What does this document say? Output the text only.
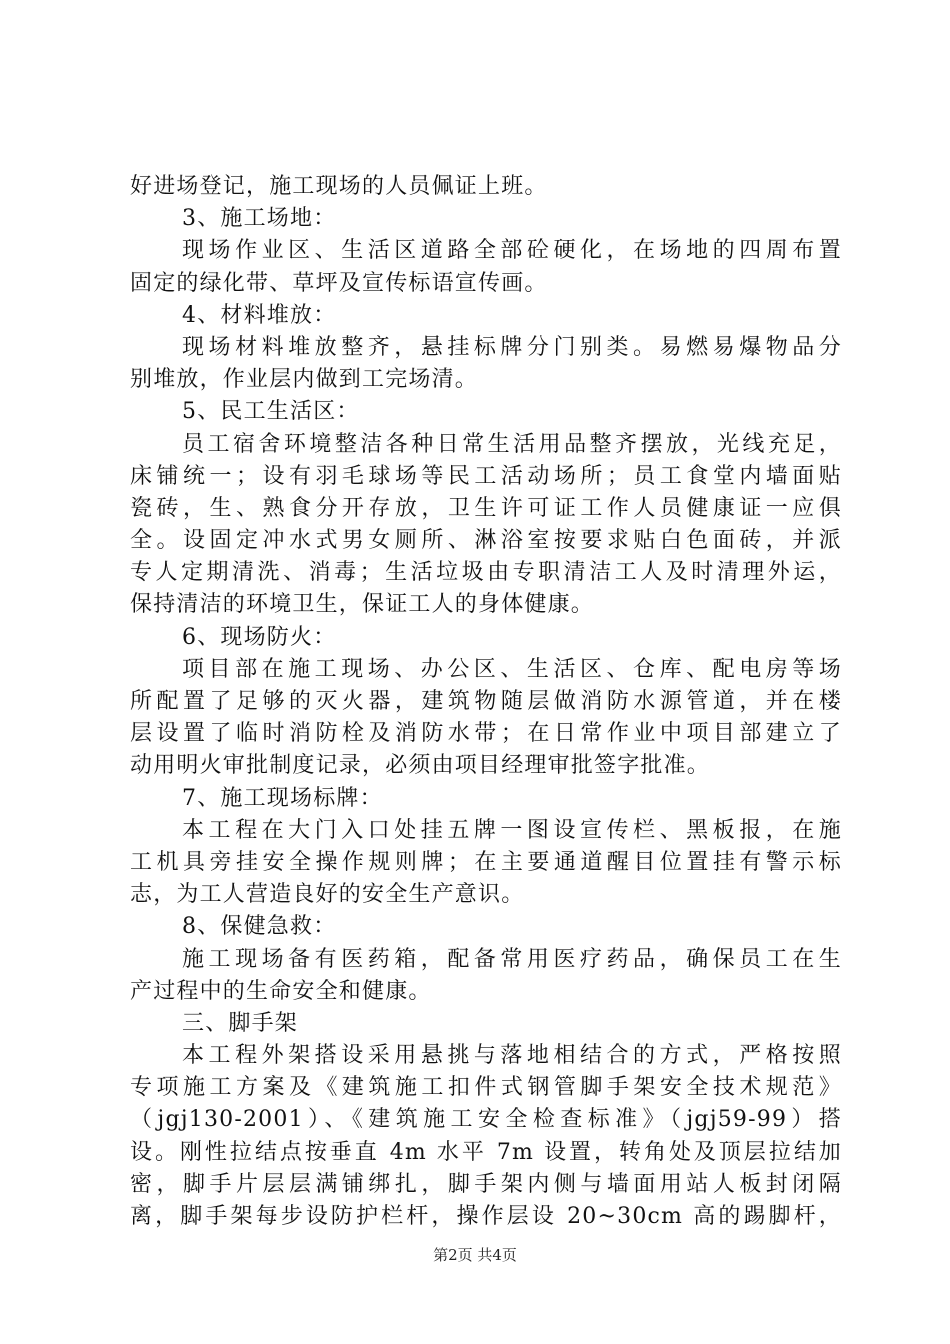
好进场登记，施工现场的人员佩证上班。
3、施工场地：
现场作业区、生活区道路全部砼硬化，在场地的四周布置
固定的绿化带、草坪及宣传标语宣传画。
4、材料堆放：
现场材料堆放整齐，悬挂标牌分门别类。易燃易爆物品分
别堆放，作业层内做到工完场清。
5、民工生活区：
员工宿舍环境整洁各种日常生活用品整齐摆放，光线充足，
床铺统一；设有羽毛球场等民工活动场所；员工食堂内墙面贴
瓷砖，生、熟食分开存放，卫生许可证工作人员健康证一应俱
全。设固定冲水式男女厕所、淋浴室按要求贴白色面砖，并派
专人定期清洗、消毒；生活垃圾由专职清洁工人及时清理外运，
保持清洁的环境卫生，保证工人的身体健康。
6、现场防火：
项目部在施工现场、办公区、生活区、仓库、配电房等场
所配置了足够的灭火器，建筑物随层做消防水源管道，并在楼
层设置了临时消防栓及消防水带；在日常作业中项目部建立了
动用明火审批制度记录，必须由项目经理审批签字批准。
7、施工现场标牌：
本工程在大门入口处挂五牌一图设宣传栏、黑板报，在施
工机具旁挂安全操作规则牌；在主要通道醒目位置挂有警示标
志，为工人营造良好的安全生产意识。
8、保健急救：
施工现场备有医药箱，配备常用医疗药品，确保员工在生
产过程中的生命安全和健康。
三、脚手架
本工程外架搭设采用悬挑与落地相结合的方式，严格按照
专项施工方案及《建筑施工扣件式钢管脚手架安全技术规范》
（jgj130-2001）、《建筑施工安全检查标准》（jgj59-99）搭
设。刚性拉结点按垂直 4m 水平 7m 设置，转角处及顶层拉结加
密，脚手片层层满铺绑扎，脚手架内侧与墙面用站人板封闭隔
离，脚手架每步设防护栏杆，操作层设 20~30cm 高的踢脚杆，
第2页 共4页
